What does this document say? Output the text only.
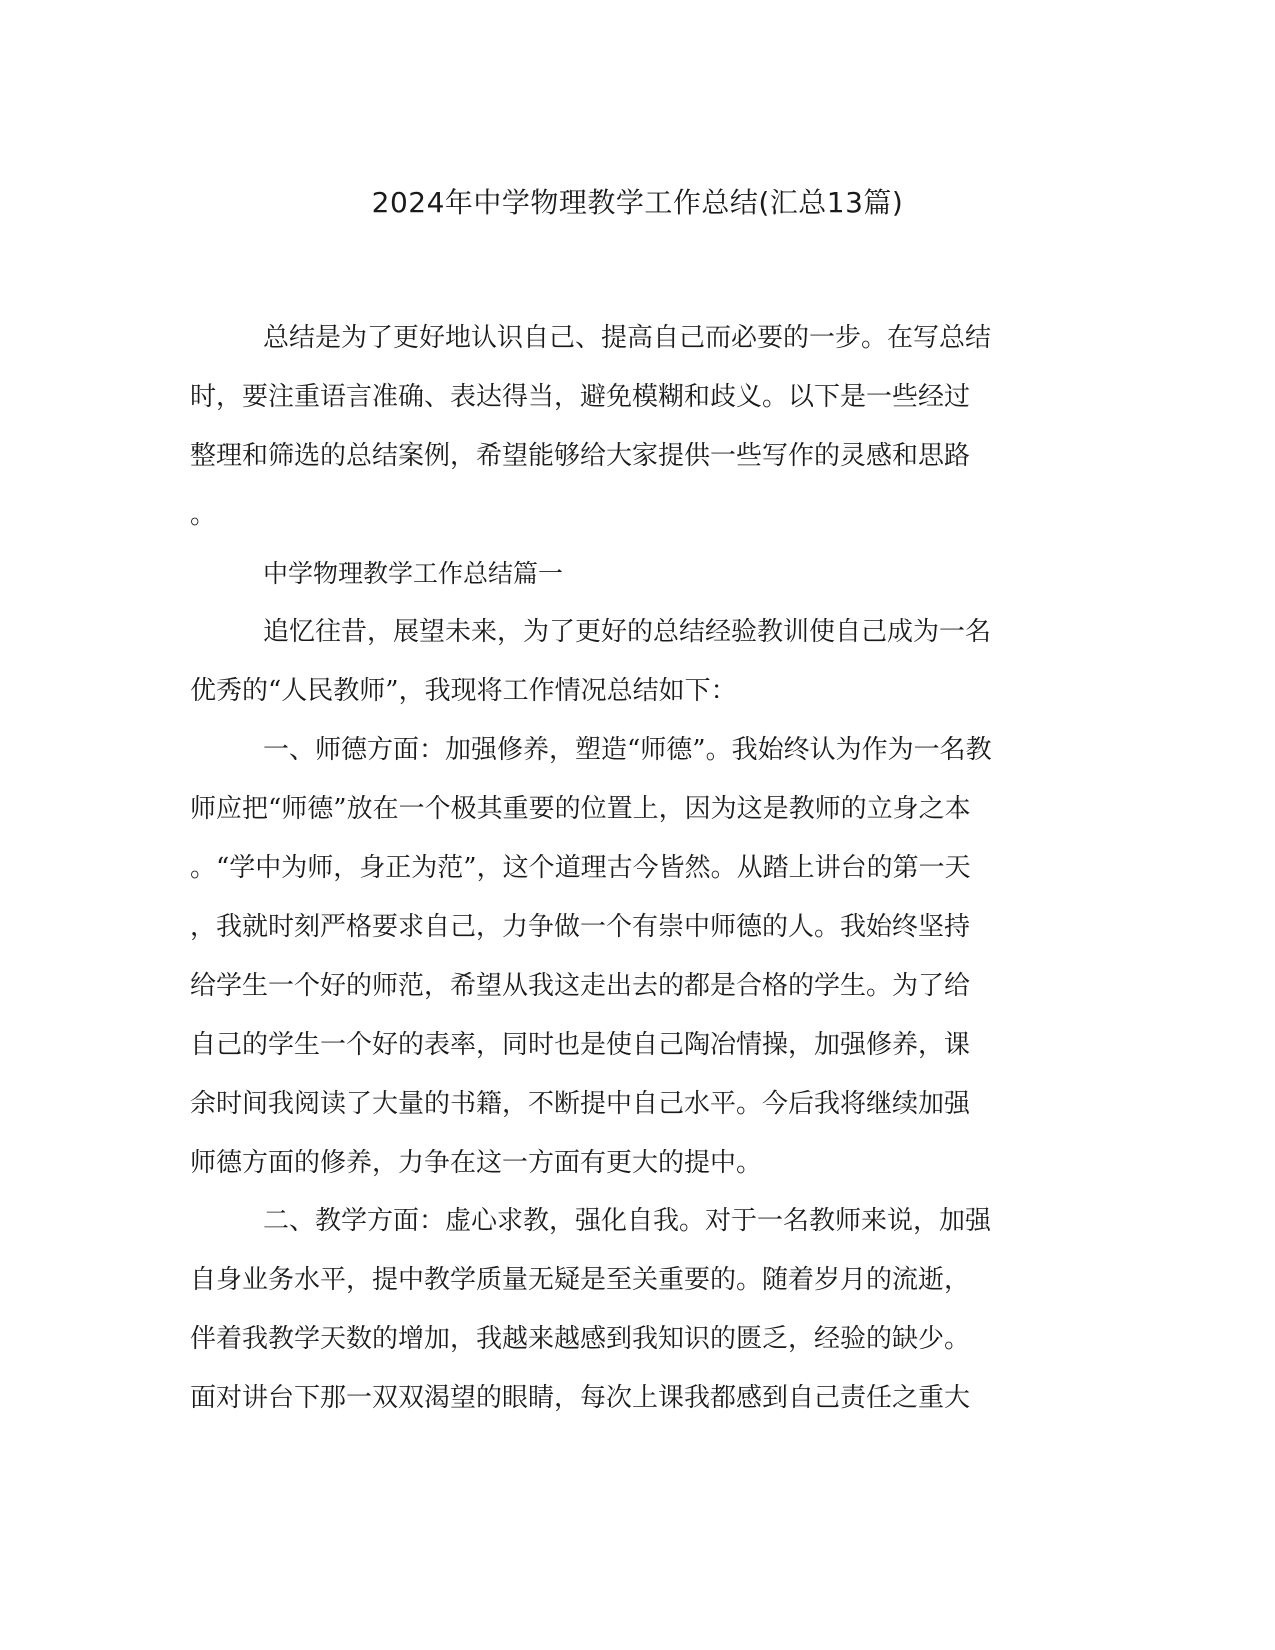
2024年中学物理教学工作总结(汇总13篇)

总结是为了更好地认识自己、提高自己而必要的一步。在写总结

时，要注重语言准确、表达得当，避免模糊和歧义。以下是一些经过

整理和筛选的总结案例，希望能够给大家提供一些写作的灵感和思路

。

中学物理教学工作总结篇一

追忆往昔，展望未来，为了更好的总结经验教训使自己成为一名

优秀的“人民教师”，我现将工作情况总结如下：

一、师德方面：加强修养，塑造“师德”。我始终认为作为一名教

师应把“师德”放在一个极其重要的位置上，因为这是教师的立身之本

。“学中为师，身正为范”，这个道理古今皆然。从踏上讲台的第一天

，我就时刻严格要求自己，力争做一个有崇中师德的人。我始终坚持

给学生一个好的师范，希望从我这走出去的都是合格的学生。为了给

自己的学生一个好的表率，同时也是使自己陶冶情操，加强修养，课

余时间我阅读了大量的书籍，不断提中自己水平。今后我将继续加强

师德方面的修养，力争在这一方面有更大的提中。

二、教学方面：虚心求教，强化自我。对于一名教师来说，加强

自身业务水平，提中教学质量无疑是至关重要的。随着岁月的流逝，

伴着我教学天数的增加，我越来越感到我知识的匮乏，经验的缺少。

面对讲台下那一双双渴望的眼睛，每次上课我都感到自己责任之重大
